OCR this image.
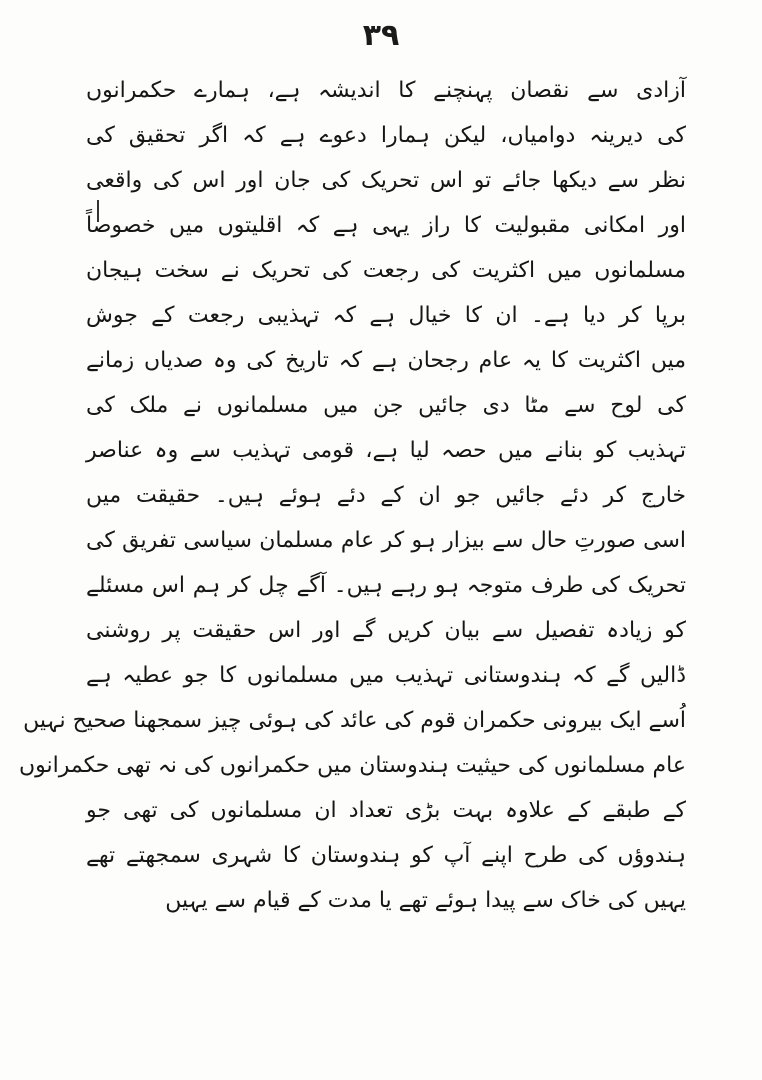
۳۹
آزادی سے نقصان پہنچنے کا اندیشہ ہے، ہمارے حکمرانوں
کی دیرینہ دوامیاں، لیکن ہمارا دعوے ہے کہ اگر تحقیق کی
نظر سے دیکھا جائے تو اس تحریک کی جان اور اس کی واقعی
اور امکانی مقبولیت کا راز یہی ہے کہ اقلیتوں میں خصوصاً
مسلمانوں میں اکثریت کی رجعت کی تحریک نے سخت ہیجان
برپا کر دیا ہے۔ ان کا خیال ہے کہ تہذیبی رجعت کے جوش
میں اکثریت کا یہ عام رجحان ہے کہ تاریخ کی وہ صدیاں زمانے
کی لوح سے مٹا دی جائیں جن میں مسلمانوں نے ملک کی
تہذیب کو بنانے میں حصہ لیا ہے، قومی تہذیب سے وہ عناصر
خارج کر دئے جائیں جو ان کے دئے ہوئے ہیں۔ حقیقت میں
اسی صورتِ حال سے بیزار ہو کر عام مسلمان سیاسی تفریق کی
تحریک کی طرف متوجہ ہو رہے ہیں۔ آگے چل کر ہم اس مسئلے
کو زیادہ تفصیل سے بیان کریں گے اور اس حقیقت پر روشنی
ڈالیں گے کہ ہندوستانی تہذیب میں مسلمانوں کا جو عطیہ ہے
اُسے ایک بیرونی حکمران قوم کی عائد کی ہوئی چیز سمجھنا صحیح نہیں
عام مسلمانوں کی حیثیت ہندوستان میں حکمرانوں کی نہ تھی حکمرانوں
کے طبقے کے علاوہ بہت بڑی تعداد ان مسلمانوں کی تھی جو
ہندوؤں کی طرح اپنے آپ کو ہندوستان کا شہری سمجھتے تھے
یہیں کی خاک سے پیدا ہوئے تھے یا مدت کے قیام سے یہیں
